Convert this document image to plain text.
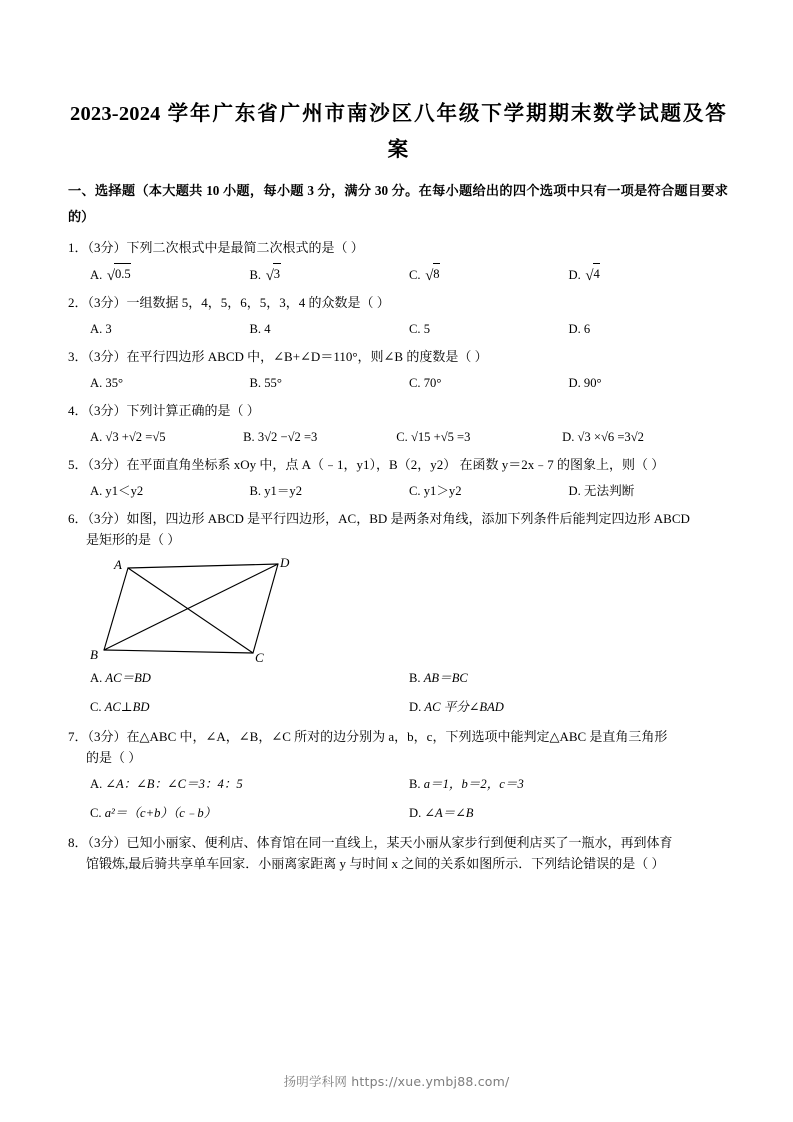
2023-2024 学年广东省广州市南沙区八年级下学期期末数学试题及答
案
一、选择题（本大题共 10 小题，每小题 3 分，满分 30 分。在每小题给出的四个选项中只有一项是符合题目要求的）
1．（3分）下列二次根式中是最简二次根式的是（ ）
A. √0.5	B. √3	C. √8	D. √4
2．（3分）一组数据 5，4，5，6，5，3，4 的众数是（ ）
A. 3	B. 4	C. 5	D. 6
3．（3分）在平行四边形 ABCD 中，∠B+∠D＝110°，则∠B 的度数是（ ）
A. 35°	B. 55°	C. 70°	D. 90°
4．（3分）下列计算正确的是（ ）
A. √3 +√2 =√5	B. 3√2 −√2 =3	C. √15 +√5 =3	D. √3 ×√6 =3√2
5．（3分）在平面直角坐标系 xOy 中，点 A（﹣1，y1），B（2，y2） 在函数 y＝2x﹣7 的图象上，则（ ）
A. y1＜y2	B. y1＝y2	C. y1＞y2	D. 无法判断
6．（3分）如图，四边形 ABCD 是平行四边形，AC，BD 是两条对角线，添加下列条件后能判定四边形 ABCD
是矩形的是（ ）
A	D
B	C
A. AC＝BD	B. AB＝BC
C. AC⊥BD	D. AC 平分∠BAD
7．（3分）在△ABC 中，∠A，∠B，∠C 所对的边分别为 a，b，c，下列选项中能判定△ABC 是直角三角形
的是（ ）
A. ∠A：∠B：∠C＝3：4：5	B. a＝1，b＝2，c＝3
C. a²＝（c+b）（c﹣b）	D. ∠A＝∠B
8．（3分）已知小丽家、便利店、体育馆在同一直线上，某天小丽从家步行到便利店买了一瓶水，再到体育
馆锻炼,最后骑共享单车回家．小丽离家距离 y 与时间 x 之间的关系如图所示．下列结论错误的是（ ）
扬明学科网 https://xue.ymbj88.com/
